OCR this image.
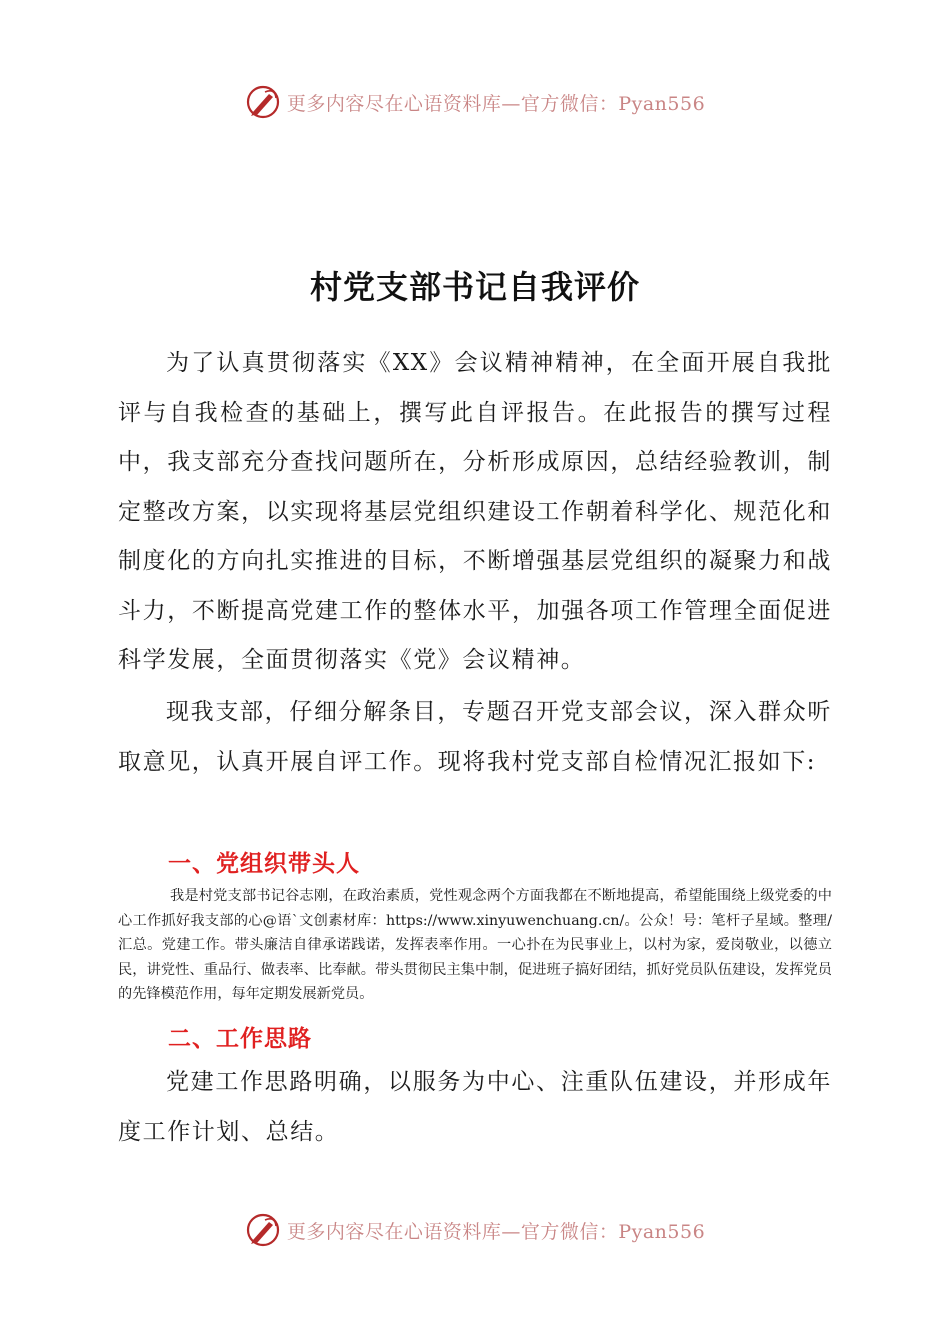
更多内容尽在心语资料库—官方微信：Pyan556
村党支部书记自我评价

为了认真贯彻落实《XX》会议精神精神，在全面开展自我批评与自我检查的基础上，撰写此自评报告。在此报告的撰写过程中，我支部充分查找问题所在，分析形成原因，总结经验教训，制定整改方案，以实现将基层党组织建设工作朝着科学化、规范化和制度化的方向扎实推进的目标，不断增强基层党组织的凝聚力和战斗力，不断提高党建工作的整体水平，加强各项工作管理全面促进科学发展，全面贯彻落实《党》会议精神。

现我支部，仔细分解条目，专题召开党支部会议，深入群众听取意见，认真开展自评工作。现将我村党支部自检情况汇报如下:

一、党组织带头人

我是村党支部书记谷志刚，在政治素质，党性观念两个方面我都在不断地提高，希望能围绕上级党委的中心工作抓好我支部的心@语`文创素材库：https://www.xinyuwenchuang.cn/。公众！号：笔杆子星域。整理/汇总。党建工作。带头廉洁自律承诺践诺，发挥表率作用。一心扑在为民事业上，以村为家，爱岗敬业，以德立民，讲党性、重品行、做表率、比奉献。带头贯彻民主集中制，促进班子搞好团结，抓好党员队伍建设，发挥党员的先锋模范作用，每年定期发展新党员。

二、工作思路

党建工作思路明确，以服务为中心、注重队伍建设，并形成年度工作计划、总结。

更多内容尽在心语资料库—官方微信：Pyan556
